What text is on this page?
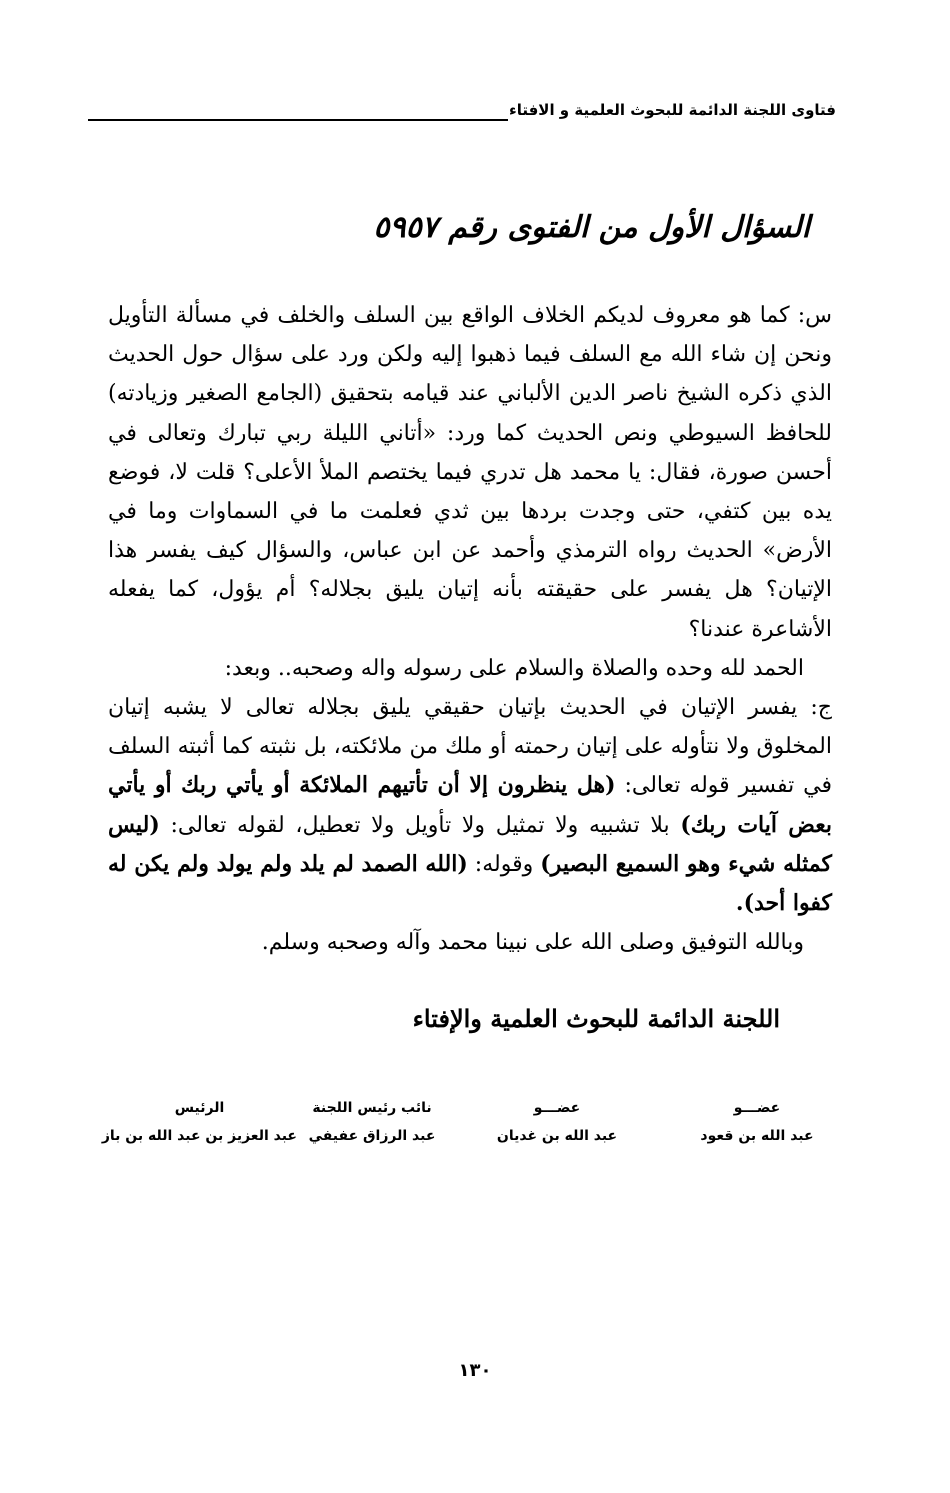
فتاوى اللجنة الدائمة للبحوث العلمية و الافتاء
السؤال الأول من الفتوى رقم ٥٩٥٧

س: كما هو معروف لديكم الخلاف الواقع بين السلف والخلف في مسألة التأويل ونحن إن شاء الله مع السلف فيما ذهبوا إليه ولكن ورد على سؤال حول الحديث الذي ذكره الشيخ ناصر الدين الألباني عند قيامه بتحقيق (الجامع الصغير وزيادته) للحافظ السيوطي ونص الحديث كما ورد: «أتاني الليلة ربي تبارك وتعالى في أحسن صورة، فقال: يا محمد هل تدري فيما يختصم الملأ الأعلى؟ قلت لا، فوضع يده بين كتفي، حتى وجدت بردها بين ثدي فعلمت ما في السماوات وما في الأرض» الحديث رواه الترمذي وأحمد عن ابن عباس، والسؤال كيف يفسر هذا الإتيان؟ هل يفسر على حقيقته بأنه إتيان يليق بجلاله؟ أم يؤول، كما يفعله الأشاعرة عندنا؟

الحمد لله وحده والصلاة والسلام على رسوله واله وصحبه.. وبعد:

ج: يفسر الإتيان في الحديث بإتيان حقيقي يليق بجلاله تعالى لا يشبه إتيان المخلوق ولا نتأوله على إتيان رحمته أو ملك من ملائكته، بل نثبته كما أثبته السلف في تفسير قوله تعالى: (هل ينظرون إلا أن تأتيهم الملائكة أو يأتي ربك أو يأتي بعض آيات ربك) بلا تشبيه ولا تمثيل ولا تأويل ولا تعطيل، لقوله تعالى: (ليس كمثله شيء وهو السميع البصير) وقوله: (الله الصمد لم يلد ولم يولد ولم يكن له كفوا أحد).

وبالله التوفيق وصلى الله على نبينا محمد وآله وصحبه وسلم.

اللجنة الدائمة للبحوث العلمية والإفتاء
عضـــو
عبد الله بن قعود
عضـــو
عبد الله بن غديان
نائب رئيس اللجنة
عبد الرزاق عفيفي
الرئيس
عبد العزيز بن عبد الله بن باز
١٣٠
